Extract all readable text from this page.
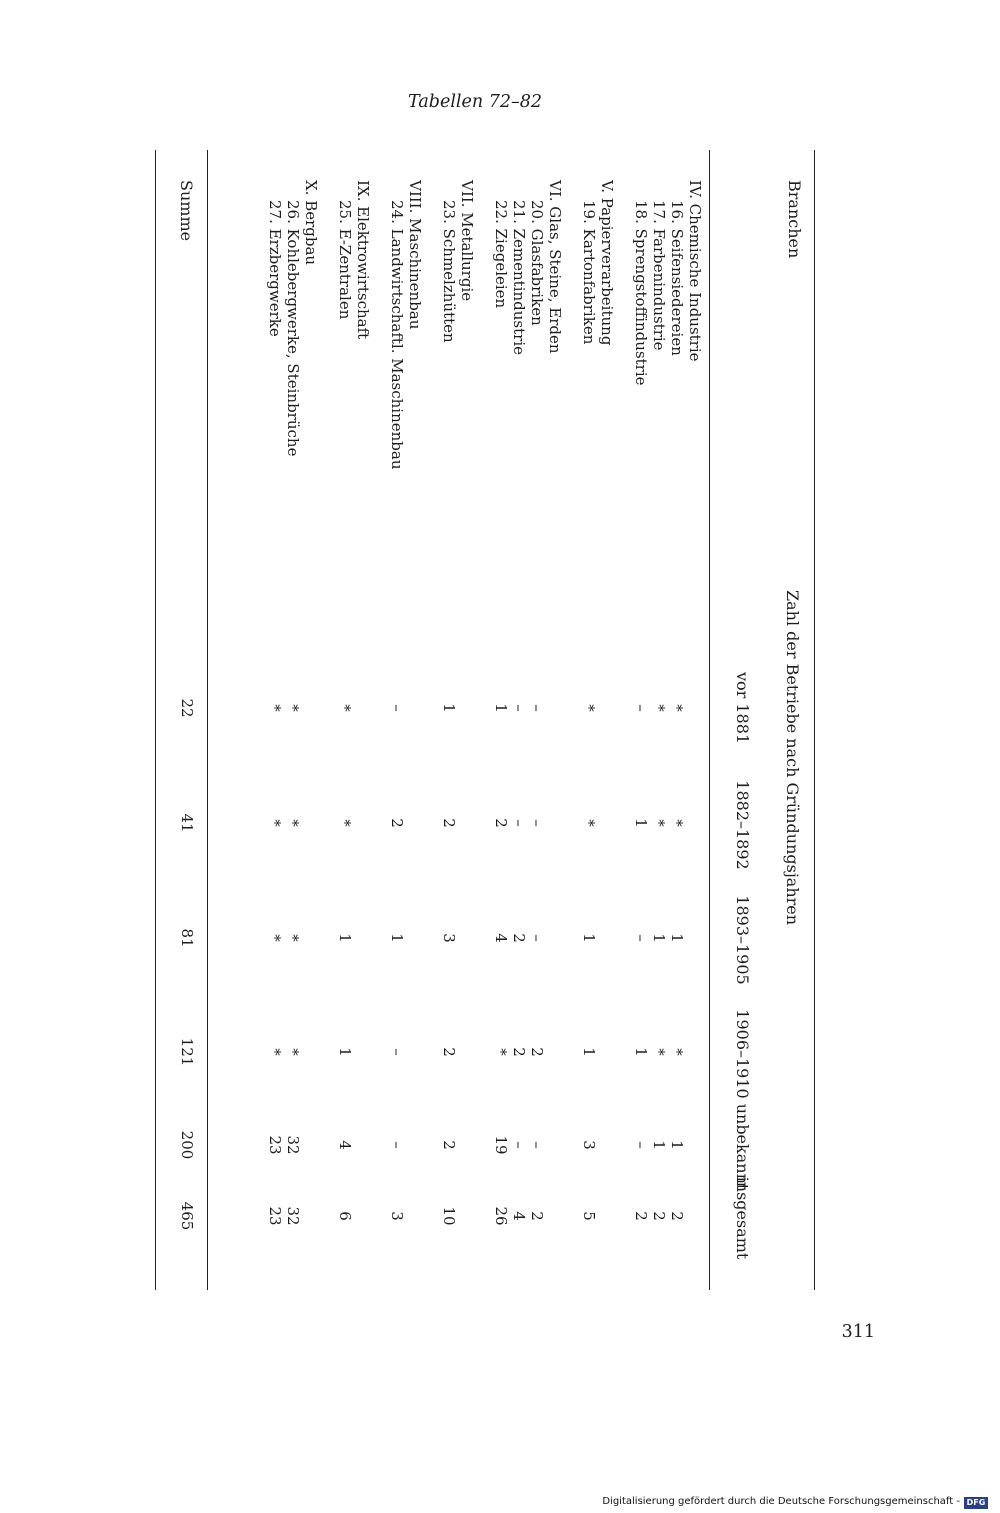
Tabellen 72–82
Branchen
Zahl der Betriebe nach Gründungsjahren
vor 1881
1882–1892
1893–1905
1906–1910
unbekannt
insgesamt
IV. Chemische Industrie
16. Seifensiedereien
*
*
1
*
1
2
17. Farbenindustrie
*
*
1
*
1
2
18. Sprengstoffindustrie
–
1
–
1
–
2
V. Papierverarbeitung
19. Kartonfabriken
*
*
1
1
3
5
VI. Glas, Steine, Erden
20. Glasfabriken
–
–
–
2
–
2
21. Zementindustrie
–
–
2
2
–
4
22. Ziegeleien
1
2
4
*
19
26
VII. Metallurgie
23. Schmelzhütten
1
2
3
2
2
10
VIII. Maschinenbau
24. Landwirtschaftl. Maschinenbau
–
2
1
–
–
3
IX. Elektrowirtschaft
25. E-Zentralen
*
*
1
1
4
6
X. Bergbau
26. Kohlebergwerke, Steinbrüche
*
*
*
*
32
32
27. Erzbergwerke
*
*
*
*
23
23
Summe
22
41
81
121
200
465
311
Digitalisierung gefördert durch die Deutsche Forschungsgemeinschaft - DFG
